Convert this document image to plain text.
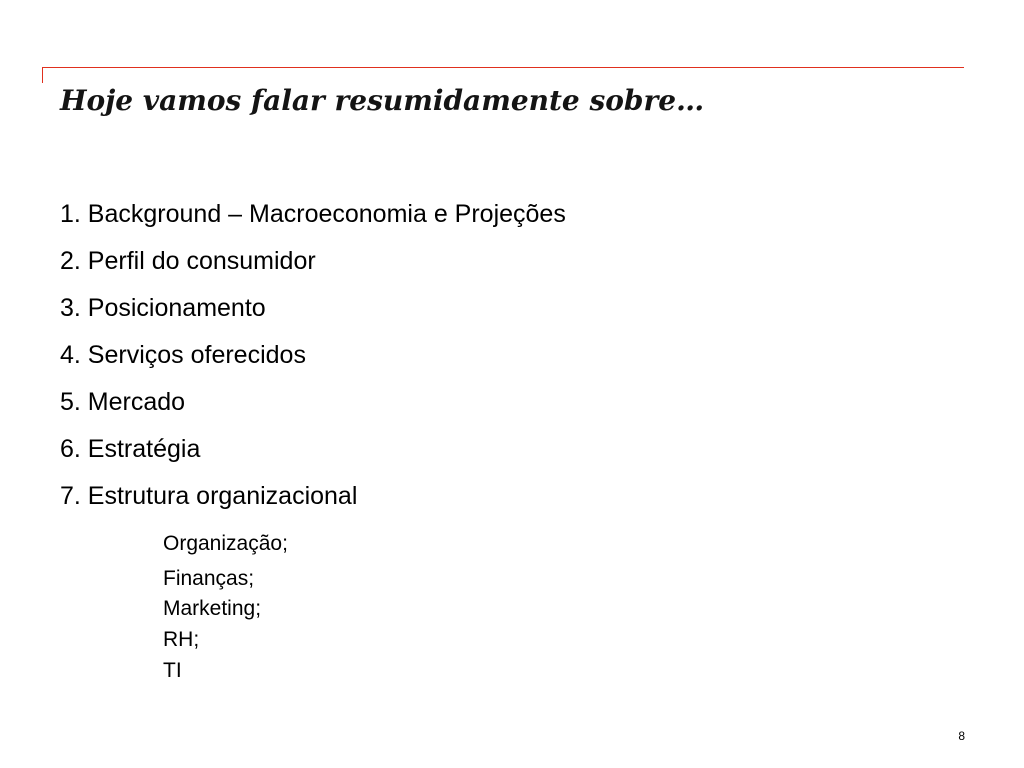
Hoje vamos falar resumidamente sobre…
1. Background – Macroeconomia e Projeções
2. Perfil do consumidor
3. Posicionamento
4. Serviços oferecidos
5. Mercado
6. Estratégia
7. Estrutura organizacional
Organização;
Finanças;
Marketing;
RH;
TI
8
